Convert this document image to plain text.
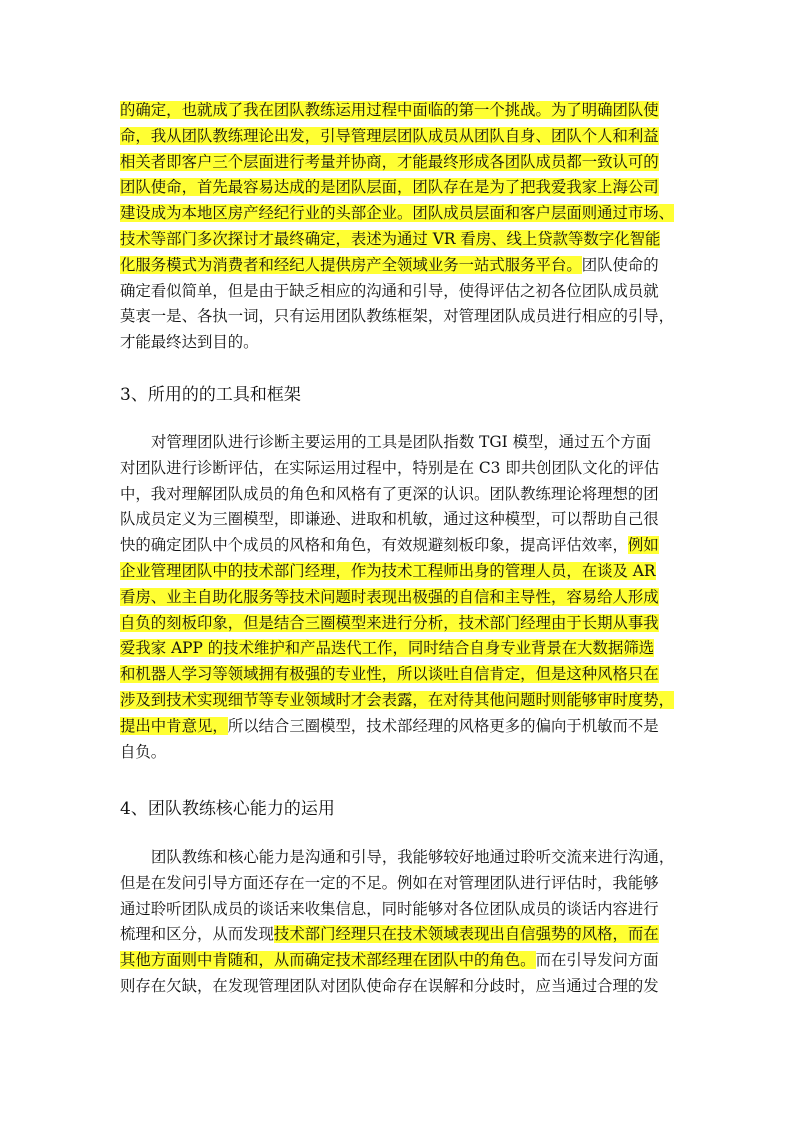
的确定，也就成了我在团队教练运用过程中面临的第一个挑战。为了明确团队使
命，我从团队教练理论出发，引导管理层团队成员从团队自身、团队个人和利益
相关者即客户三个层面进行考量并协商，才能最终形成各团队成员都一致认可的
团队使命，首先最容易达成的是团队层面，团队存在是为了把我爱我家上海公司
建设成为本地区房产经纪行业的头部企业。团队成员层面和客户层面则通过市场、
技术等部门多次探讨才最终确定，表述为通过 VR 看房、线上贷款等数字化智能
化服务模式为消费者和经纪人提供房产全领域业务一站式服务平台。团队使命的
确定看似简单，但是由于缺乏相应的沟通和引导，使得评估之初各位团队成员就
莫衷一是、各执一词，只有运用团队教练框架，对管理团队成员进行相应的引导，
才能最终达到目的。

3、所用的的工具和框架

对管理团队进行诊断主要运用的工具是团队指数 TGI 模型，通过五个方面
对团队进行诊断评估，在实际运用过程中，特别是在 C3 即共创团队文化的评估
中，我对理解团队成员的角色和风格有了更深的认识。团队教练理论将理想的团
队成员定义为三圈模型，即谦逊、进取和机敏，通过这种模型，可以帮助自己很
快的确定团队中个成员的风格和角色，有效规避刻板印象，提高评估效率，例如
企业管理团队中的技术部门经理，作为技术工程师出身的管理人员，在谈及 AR
看房、业主自助化服务等技术问题时表现出极强的自信和主导性，容易给人形成
自负的刻板印象，但是结合三圈模型来进行分析，技术部门经理由于长期从事我
爱我家 APP 的技术维护和产品迭代工作，同时结合自身专业背景在大数据筛选
和机器人学习等领域拥有极强的专业性，所以谈吐自信肯定，但是这种风格只在
涉及到技术实现细节等专业领域时才会表露，在对待其他问题时则能够审时度势，
提出中肯意见，所以结合三圈模型，技术部经理的风格更多的偏向于机敏而不是
自负。

4、团队教练核心能力的运用

团队教练和核心能力是沟通和引导，我能够较好地通过聆听交流来进行沟通，
但是在发问引导方面还存在一定的不足。例如在对管理团队进行评估时，我能够
通过聆听团队成员的谈话来收集信息，同时能够对各位团队成员的谈话内容进行
梳理和区分，从而发现技术部门经理只在技术领域表现出自信强势的风格，而在
其他方面则中肯随和，从而确定技术部经理在团队中的角色。而在引导发问方面
则存在欠缺，在发现管理团队对团队使命存在误解和分歧时，应当通过合理的发
